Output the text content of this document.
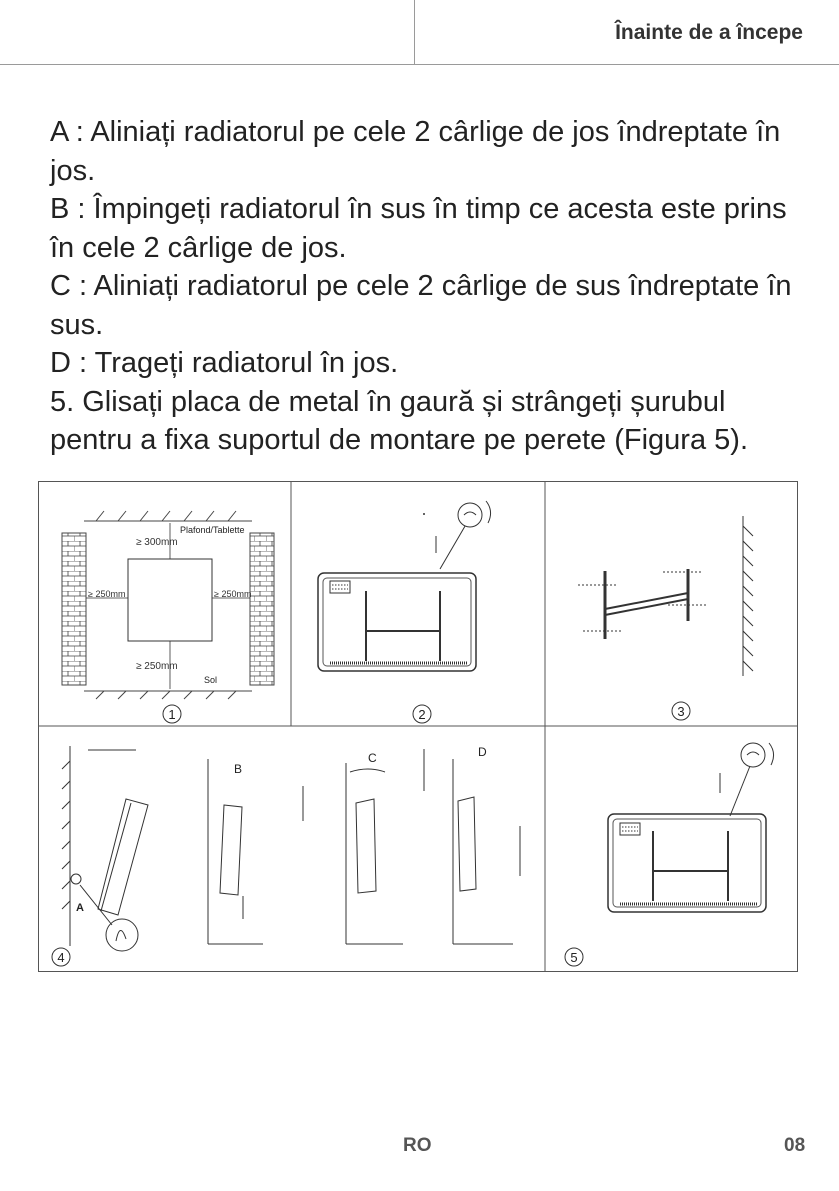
Înainte de a începe

A : Aliniați radiatorul pe cele 2 cârlige de jos îndreptate în jos.

B : Împingeți radiatorul în sus în timp ce acesta este prins în cele 2 cârlige de jos.

C : Aliniați radiatorul pe cele 2 cârlige de sus îndreptate în sus.

D : Trageți radiatorul în jos.

5. Glisați placa de metal în gaură și strângeți șurubul pentru a fixa suportul de montare pe perete (Figura 5).

Plafond/Tablette
≥ 300mm
≥ 250mm	≥ 250mm
≥ 250mm
Sol
1	2	3
A
B
C	D
4	5
RO	08
